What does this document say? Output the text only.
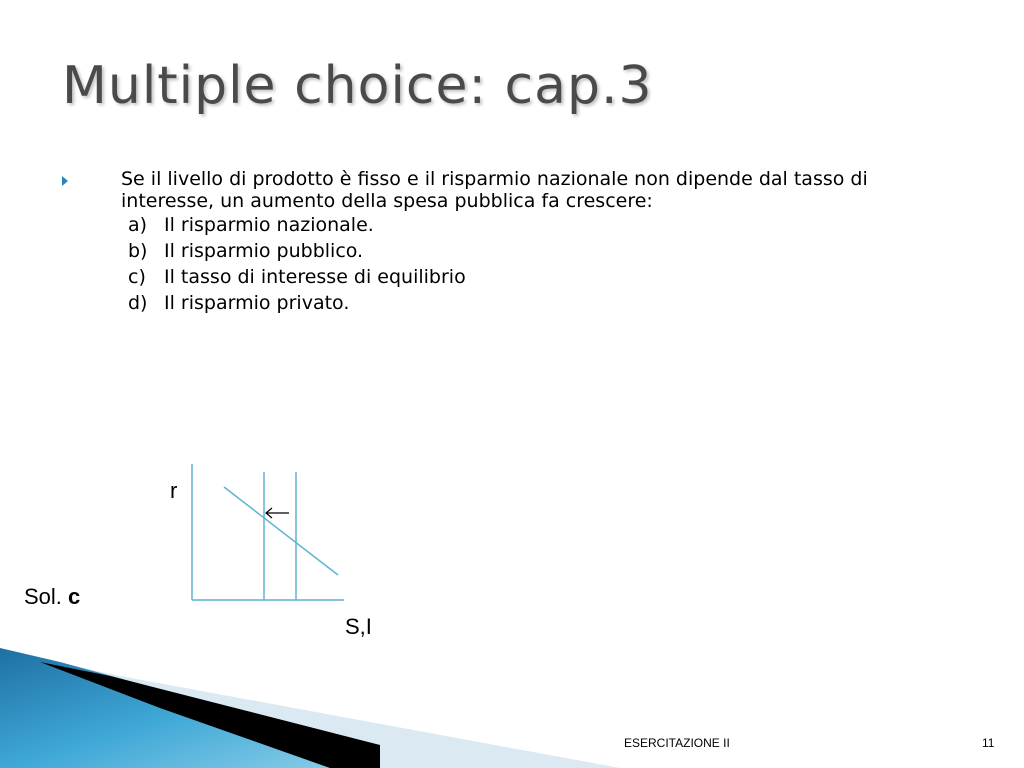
Multiple choice: cap.3
Se il livello di prodotto è fisso e il risparmio nazionale non dipende dal tasso di interesse, un aumento della spesa pubblica fa crescere:
a) Il risparmio nazionale.
b) Il risparmio pubblico.
c) Il tasso di interesse di equilibrio
d) Il risparmio privato.
r
S,I
Sol. c
ESERCITAZIONE II	11
